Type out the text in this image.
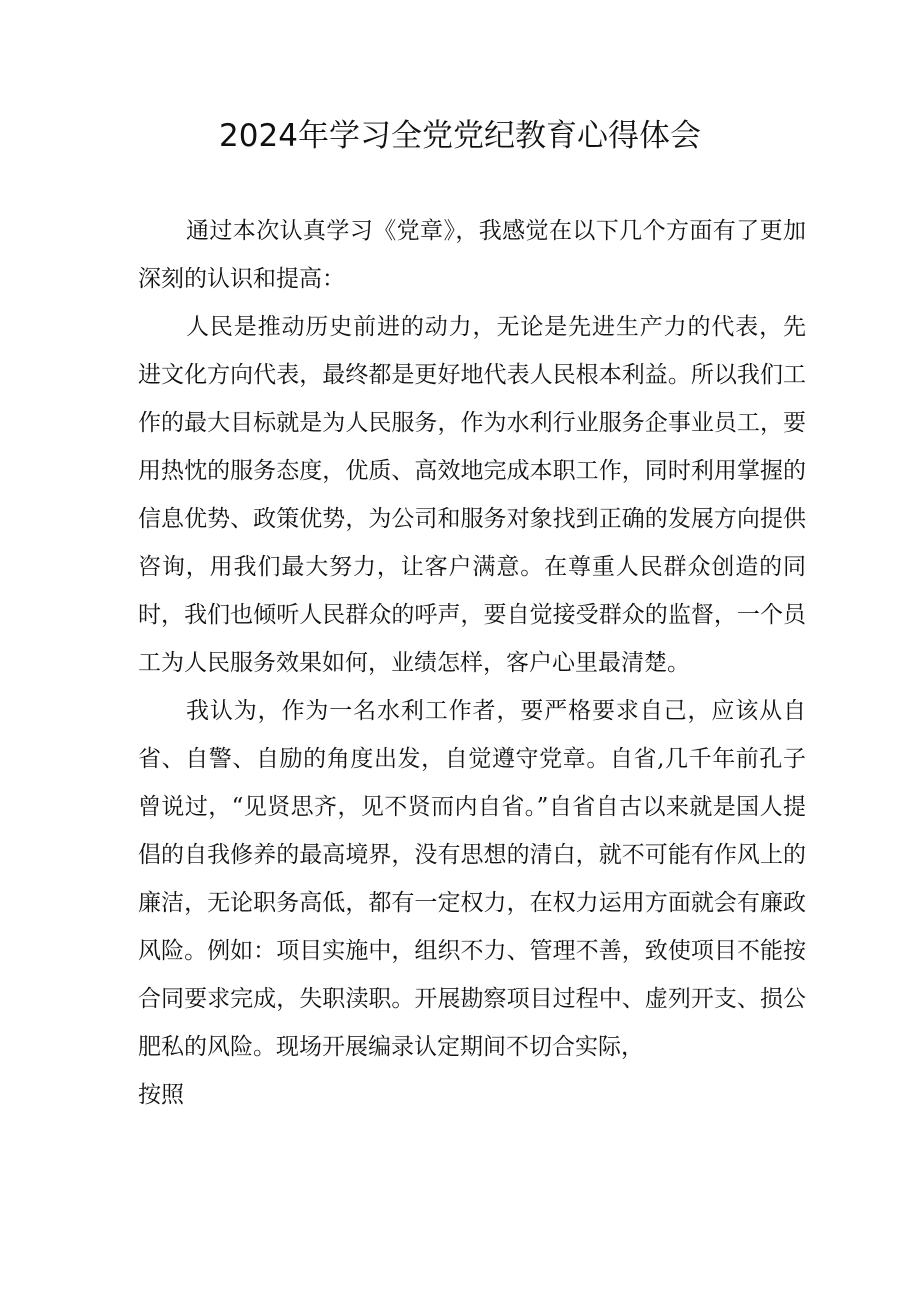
2024年学习全党党纪教育心得体会

通过本次认真学习《党章》，我感觉在以下几个方面有了更加深刻的认识和提高：

人民是推动历史前进的动力，无论是先进生产力的代表，先进文化方向代表，最终都是更好地代表人民根本利益。所以我们工作的最大目标就是为人民服务，作为水利行业服务企事业员工，要用热忱的服务态度，优质、高效地完成本职工作，同时利用掌握的信息优势、政策优势，为公司和服务对象找到正确的发展方向提供咨询，用我们最大努力，让客户满意。在尊重人民群众创造的同时，我们也倾听人民群众的呼声，要自觉接受群众的监督，一个员工为人民服务效果如何，业绩怎样，客户心里最清楚。

我认为，作为一名水利工作者，要严格要求自己，应该从自省、自警、自励的角度出发，自觉遵守党章。自省,几千年前孔子曾说过，“见贤思齐，见不贤而内自省。”自省自古以来就是国人提倡的自我修养的最高境界，没有思想的清白，就不可能有作风上的廉洁，无论职务高低，都有一定权力，在权力运用方面就会有廉政风险。例如：项目实施中，组织不力、管理不善，致使项目不能按合同要求完成，失职渎职。开展勘察项目过程中、虚列开支、损公肥私的风险。现场开展编录认定期间不切合实际，

按照
